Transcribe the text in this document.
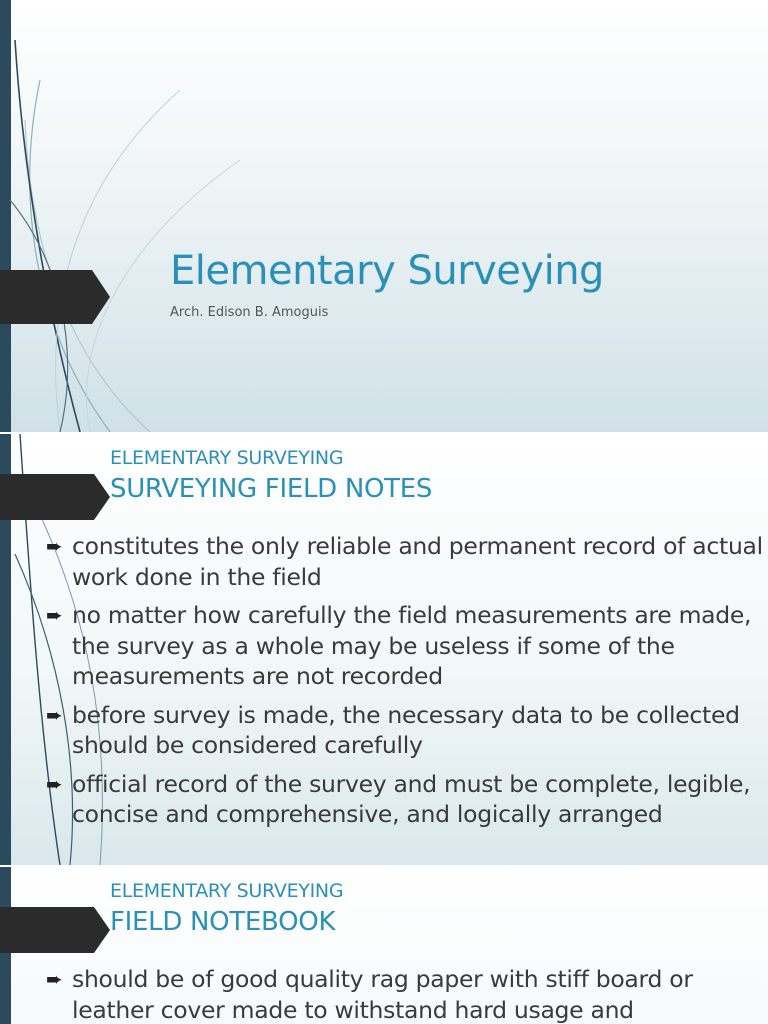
Elementary Surveying
Arch. Edison B. Amoguis
ELEMENTARY SURVEYING
SURVEYING FIELD NOTES
➨ constitutes the only reliable and permanent record of actual work done in the field
➨ no matter how carefully the field measurements are made, the survey as a whole may be useless if some of the measurements are not recorded
➨ before survey is made, the necessary data to be collected should be considered carefully
➨ official record of the survey and must be complete, legible, concise and comprehensive, and logically arranged
ELEMENTARY SURVEYING
FIELD NOTEBOOK
➨ should be of good quality rag paper with stiff board or leather cover made to withstand hard usage and
